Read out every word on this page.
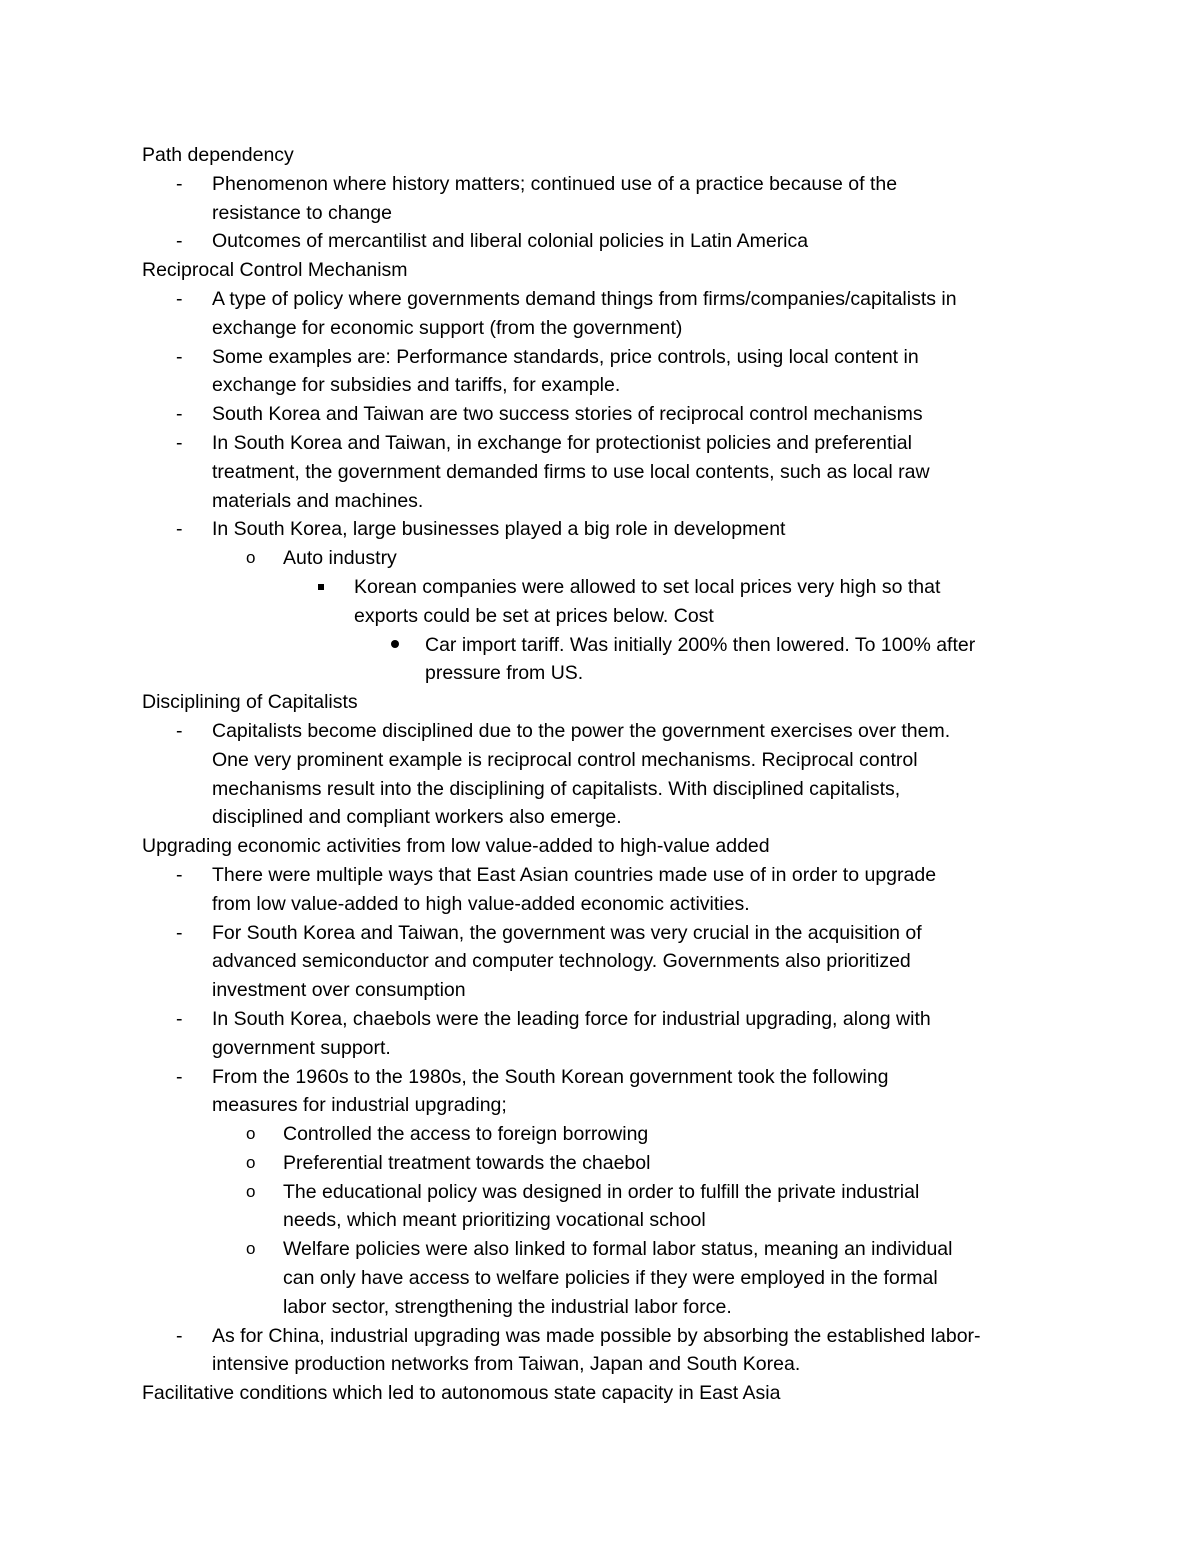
Path dependency
- Phenomenon where history matters; continued use of a practice because of the
resistance to change
- Outcomes of mercantilist and liberal colonial policies in Latin America
Reciprocal Control Mechanism
- A type of policy where governments demand things from firms/companies/capitalists in
exchange for economic support (from the government)
- Some examples are: Performance standards, price controls, using local content in
exchange for subsidies and tariffs, for example.
- South Korea and Taiwan are two success stories of reciprocal control mechanisms
- In South Korea and Taiwan, in exchange for protectionist policies and preferential
treatment, the government demanded firms to use local contents, such as local raw
materials and machines.
- In South Korea, large businesses played a big role in development
o Auto industry
Korean companies were allowed to set local prices very high so that
exports could be set at prices below. Cost
Car import tariff. Was initially 200% then lowered. To 100% after
pressure from US.
Disciplining of Capitalists
- Capitalists become disciplined due to the power the government exercises over them.
One very prominent example is reciprocal control mechanisms. Reciprocal control
mechanisms result into the disciplining of capitalists. With disciplined capitalists,
disciplined and compliant workers also emerge.
Upgrading economic activities from low value-added to high-value added
- There were multiple ways that East Asian countries made use of in order to upgrade
from low value-added to high value-added economic activities.
- For South Korea and Taiwan, the government was very crucial in the acquisition of
advanced semiconductor and computer technology. Governments also prioritized
investment over consumption
- In South Korea, chaebols were the leading force for industrial upgrading, along with
government support.
- From the 1960s to the 1980s, the South Korean government took the following
measures for industrial upgrading;
o Controlled the access to foreign borrowing
o Preferential treatment towards the chaebol
o The educational policy was designed in order to fulfill the private industrial
needs, which meant prioritizing vocational school
o Welfare policies were also linked to formal labor status, meaning an individual
can only have access to welfare policies if they were employed in the formal
labor sector, strengthening the industrial labor force.
- As for China, industrial upgrading was made possible by absorbing the established labor-
intensive production networks from Taiwan, Japan and South Korea.
Facilitative conditions which led to autonomous state capacity in East Asia
